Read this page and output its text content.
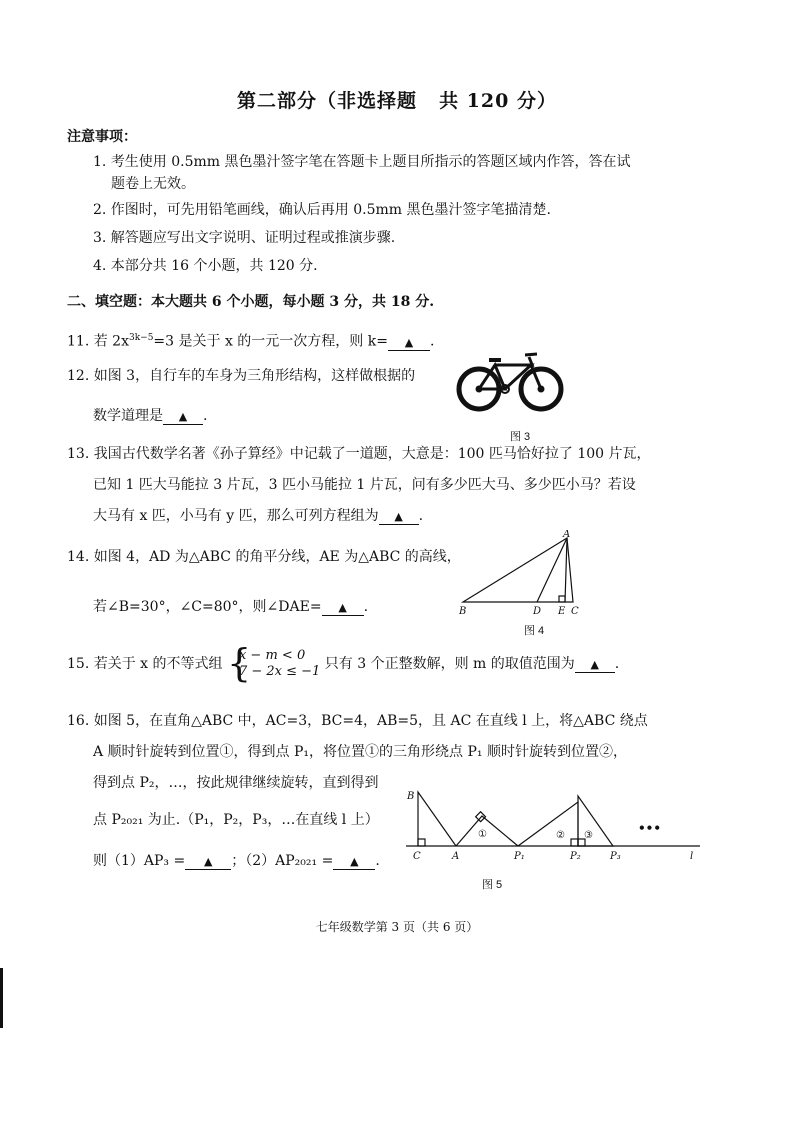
第二部分（非选择题 共 120 分）
注意事项：
1. 考生使用 0.5mm 黑色墨汁签字笔在答题卡上题目所指示的答题区域内作答，答在试
题卷上无效。
2. 作图时，可先用铅笔画线，确认后再用 0.5mm 黑色墨汁签字笔描清楚.
3. 解答题应写出文字说明、证明过程或推演步骤.
4. 本部分共 16 个小题，共 120 分.
二、填空题：本大题共 6 个小题，每小题 3 分，共 18 分.
11. 若 $2x^{3k-5}=3$ 是关于 x 的一元一次方程，则 k= ▲ .
12. 如图 3，自行车的车身为三角形结构，这样做根据的
数学道理是 ▲ .
图 3
13. 我国古代数学名著《孙子算经》中记载了一道题，大意是：100 匹马恰好拉了 100 片瓦，
已知 1 匹大马能拉 3 片瓦，3 匹小马能拉 1 片瓦，问有多少匹大马、多少匹小马？若设
大马有 x 匹，小马有 y 匹，那么可列方程组为 ▲ .
14. 如图 4，AD 为△ABC 的角平分线，AE 为△ABC 的高线，
若∠B=30°，∠C=80°，则∠DAE= ▲ .
A
B	D E C
图 4
15. 若关于 x 的不等式组 {
x − m < 0
7 − 2x ≤ −1 只有 3 个正整数解，则 m 的取值范围为 ▲ .
16. 如图 5，在直角△ABC 中，AC=3，BC=4，AB=5，且 AC 在直线 l 上，将△ABC 绕点
A 顺时针旋转到位置①，得到点 P₁，将位置①的三角形绕点 P₁ 顺时针旋转到位置②，
得到点 P₂，…，按此规律继续旋转，直到得到
点 P₂₀₂₁ 为止.（P₁，P₂，P₃，…在直线 l 上）
则（1）AP₃ = ▲ ；（2）AP₂₀₂₁ = ▲ .
B
C	A	P₁	P₂	P₃	l
①	② ③
•••
图 5
七年级数学第 3 页（共 6 页）
